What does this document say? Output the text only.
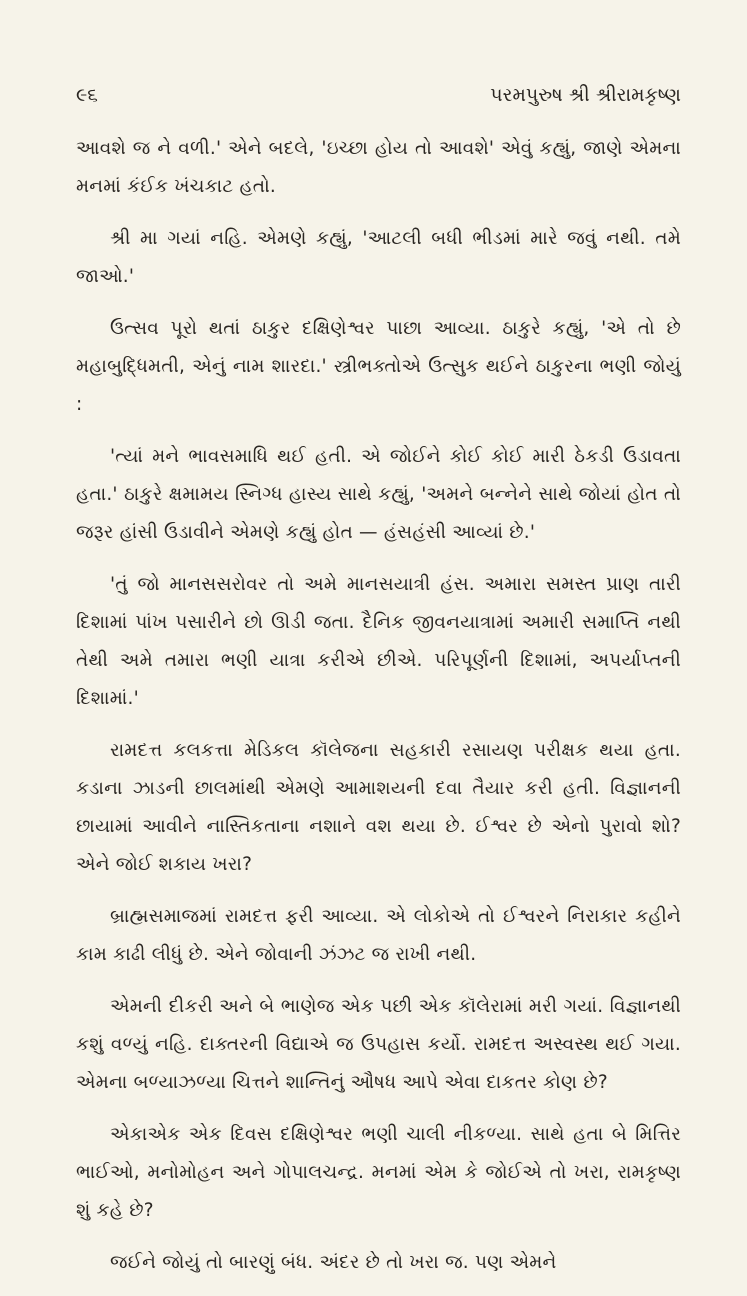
૯૬	પરમપુરુષ શ્રી શ્રીરામકૃષ્ણ

આવશે જ ને વળી.' એને બદલે, 'ઇચ્છા હોય તો આવશે' એવું કહ્યું, જાણે એમના મનમાં કંઈક ખંચકાટ હતો.

શ્રી મા ગયાં નહિ. એમણે કહ્યું, 'આટલી બધી ભીડમાં મારે જવું નથી. તમે જાઓ.'

ઉત્સવ પૂરો થતાં ઠાકુર દક્ષિણેશ્વર પાછા આવ્યા. ઠાકુરે કહ્યું, 'એ તો છે મહાબુદ્ધિમતી, એનું નામ શારદા.' સ્ત્રીભક્તોએ ઉત્સુક થઈને ઠાકુરના ભણી જોયું :

'ત્યાં મને ભાવસમાધિ થઈ હતી. એ જોઈને કોઈ કોઈ મારી ઠેકડી ઉડાવતા હતા.' ઠાકુરે ક્ષમામય સ્નિગ્ધ હાસ્ય સાથે કહ્યું, 'અમને બન્નેને સાથે જોયાં હોત તો જરૂર હાંસી ઉડાવીને એમણે કહ્યું હોત — હંસહંસી આવ્યાં છે.'

'તું જો માનસસરોવર તો અમે માનસયાત્રી હંસ. અમારા સમસ્ત પ્રાણ તારી દિશામાં પાંખ પસારીને છો ઊડી જતા. દૈનિક જીવનયાત્રામાં અમારી સમાપ્તિ નથી તેથી અમે તમારા ભણી યાત્રા કરીએ છીએ. પરિપૂર્ણની દિશામાં, અપર્યાપ્તની દિશામાં.'

રામદત્ત કલકત્તા મેડિકલ કૉલેજના સહકારી રસાયણ પરીક્ષક થયા હતા. કડાના ઝાડની છાલમાંથી એમણે આમાશયની દવા તૈયાર કરી હતી. વિજ્ઞાનની છાયામાં આવીને નાસ્તિકતાના નશાને વશ થયા છે. ઈશ્વર છે એનો પુરાવો શો? એને જોઈ શકાય ખરા?

બ્રાહ્મસમાજમાં રામદત્ત ફરી આવ્યા. એ લોકોએ તો ઈશ્વરને નિરાકાર કહીને કામ કાઢી લીધું છે. એને જોવાની ઝંઝટ જ રાખી નથી.

એમની દીકરી અને બે ભાણેજ એક પછી એક કૉલેરામાં મરી ગયાં. વિજ્ઞાનથી કશું વળ્યું નહિ. દાક્તરની વિદ્યાએ જ ઉપહાસ કર્યો. રામદત્ત અસ્વસ્થ થઈ ગયા. એમના બળ્યાઝળ્યા ચિત્તને શાન્તિનું ઔષધ આપે એવા દાકતર કોણ છે?

એકાએક એક દિવસ દક્ષિણેશ્વર ભણી ચાલી નીકળ્યા. સાથે હતા બે મિત્તિર ભાઈઓ, મનોમોહન અને ગોપાલચન્દ્ર. મનમાં એમ કે જોઈએ તો ખરા, રામકૃષ્ણ શું કહે છે?

જઈને જોયું તો બારણું બંધ. અંદર છે તો ખરા જ. પણ એમને
